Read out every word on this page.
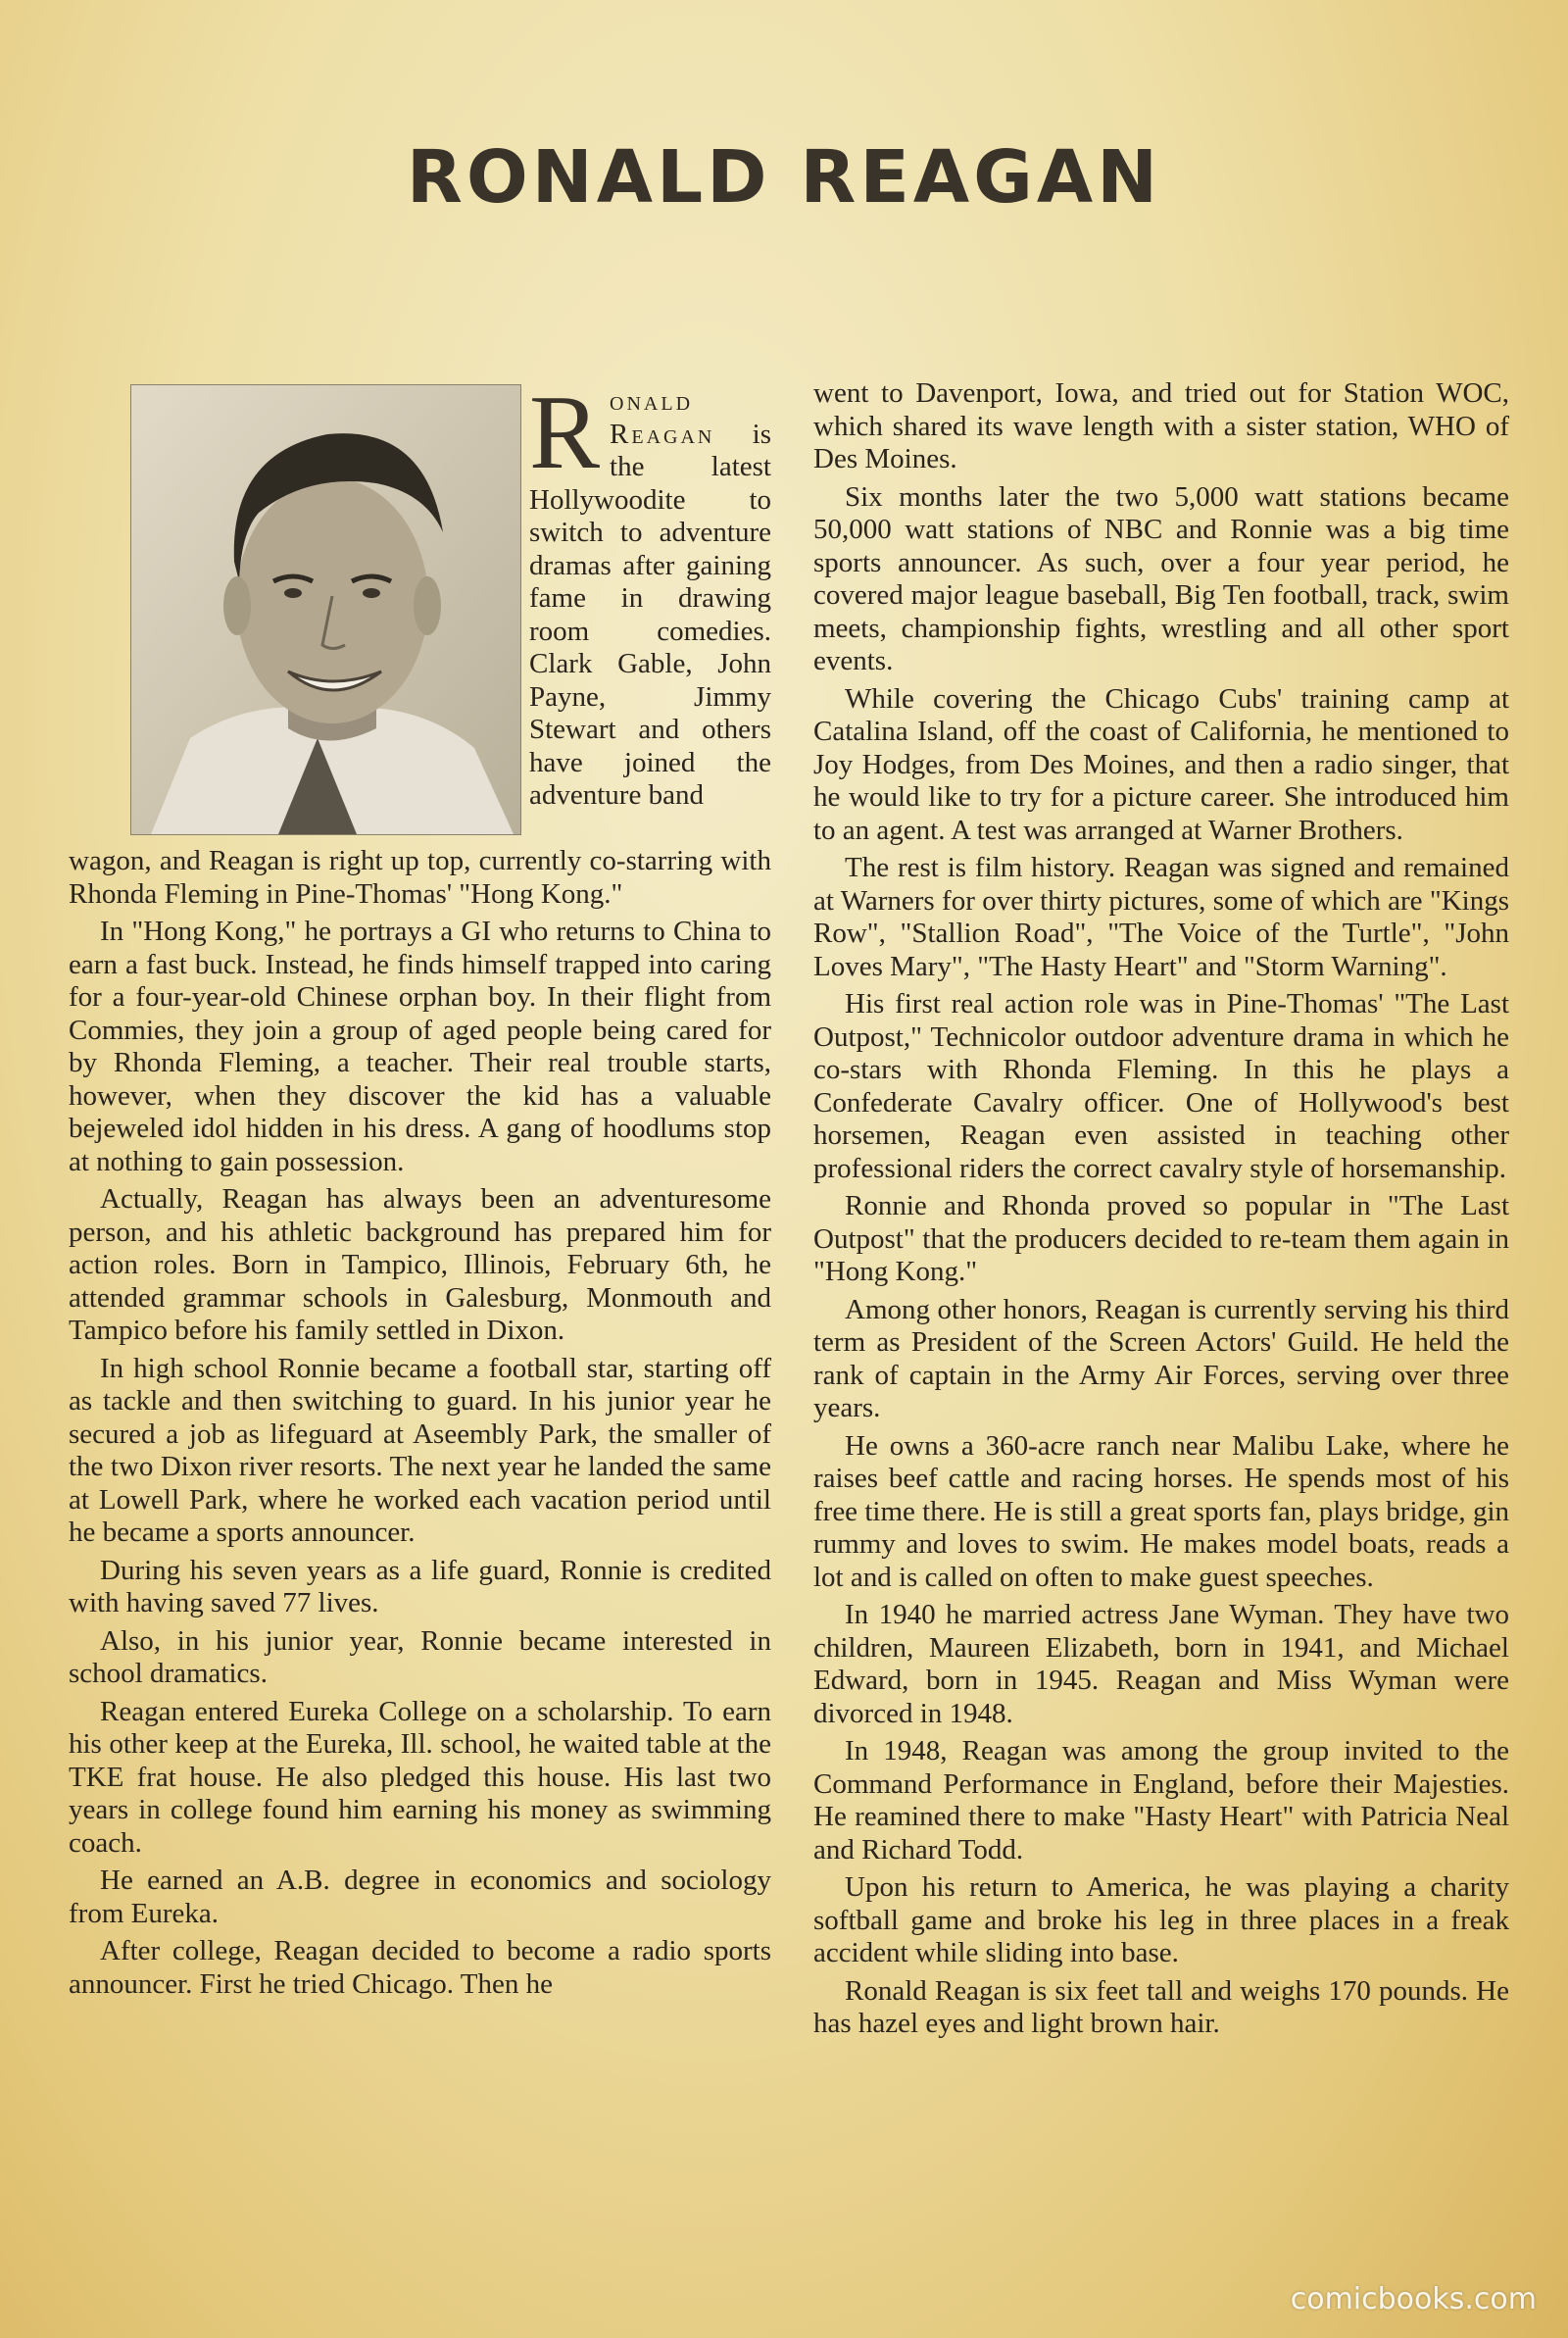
RONALD REAGAN
R onald Reagan is the latest Hollywoodite to switch to adventure dramas after gaining fame in drawing room comedies. Clark Gable, John Payne, Jimmy Stewart and others have joined the adventure band

wagon, and Reagan is right up top, currently co-starring with Rhonda Fleming in Pine-Thomas' "Hong Kong."

In "Hong Kong," he portrays a GI who returns to China to earn a fast buck. Instead, he finds himself trapped into caring for a four-year-old Chinese orphan boy. In their flight from Commies, they join a group of aged people being cared for by Rhonda Fleming, a teacher. Their real trouble starts, however, when they discover the kid has a valuable bejeweled idol hidden in his dress. A gang of hoodlums stop at nothing to gain possession.

Actually, Reagan has always been an adventuresome person, and his athletic background has prepared him for action roles. Born in Tampico, Illinois, February 6th, he attended grammar schools in Galesburg, Monmouth and Tampico before his family settled in Dixon.

In high school Ronnie became a football star, starting off as tackle and then switching to guard. In his junior year he secured a job as lifeguard at Aseembly Park, the smaller of the two Dixon river resorts. The next year he landed the same at Lowell Park, where he worked each vacation period until he became a sports announcer.

During his seven years as a life guard, Ronnie is credited with having saved 77 lives.

Also, in his junior year, Ronnie became interested in school dramatics.

Reagan entered Eureka College on a scholarship. To earn his other keep at the Eureka, Ill. school, he waited table at the TKE frat house. He also pledged this house. His last two years in college found him earning his money as swimming coach.

He earned an A.B. degree in economics and sociology from Eureka.

After college, Reagan decided to become a radio sports announcer. First he tried Chicago. Then he

went to Davenport, Iowa, and tried out for Station WOC, which shared its wave length with a sister station, WHO of Des Moines.

Six months later the two 5,000 watt stations became 50,000 watt stations of NBC and Ronnie was a big time sports announcer. As such, over a four year period, he covered major league baseball, Big Ten football, track, swim meets, championship fights, wrestling and all other sport events.

While covering the Chicago Cubs' training camp at Catalina Island, off the coast of California, he mentioned to Joy Hodges, from Des Moines, and then a radio singer, that he would like to try for a picture career. She introduced him to an agent. A test was arranged at Warner Brothers.

The rest is film history. Reagan was signed and remained at Warners for over thirty pictures, some of which are "Kings Row", "Stallion Road", "The Voice of the Turtle", "John Loves Mary", "The Hasty Heart" and "Storm Warning".

His first real action role was in Pine-Thomas' "The Last Outpost," Technicolor outdoor adventure drama in which he co-stars with Rhonda Fleming. In this he plays a Confederate Cavalry officer. One of Hollywood's best horsemen, Reagan even assisted in teaching other professional riders the correct cavalry style of horsemanship.

Ronnie and Rhonda proved so popular in "The Last Outpost" that the producers decided to re-team them again in "Hong Kong."

Among other honors, Reagan is currently serving his third term as President of the Screen Actors' Guild. He held the rank of captain in the Army Air Forces, serving over three years.

He owns a 360-acre ranch near Malibu Lake, where he raises beef cattle and racing horses. He spends most of his free time there. He is still a great sports fan, plays bridge, gin rummy and loves to swim. He makes model boats, reads a lot and is called on often to make guest speeches.

In 1940 he married actress Jane Wyman. They have two children, Maureen Elizabeth, born in 1941, and Michael Edward, born in 1945. Reagan and Miss Wyman were divorced in 1948.

In 1948, Reagan was among the group invited to the Command Performance in England, before their Majesties. He reamined there to make "Hasty Heart" with Patricia Neal and Richard Todd.

Upon his return to America, he was playing a charity softball game and broke his leg in three places in a freak accident while sliding into base.

Ronald Reagan is six feet tall and weighs 170 pounds. He has hazel eyes and light brown hair.

comicbooks.com
